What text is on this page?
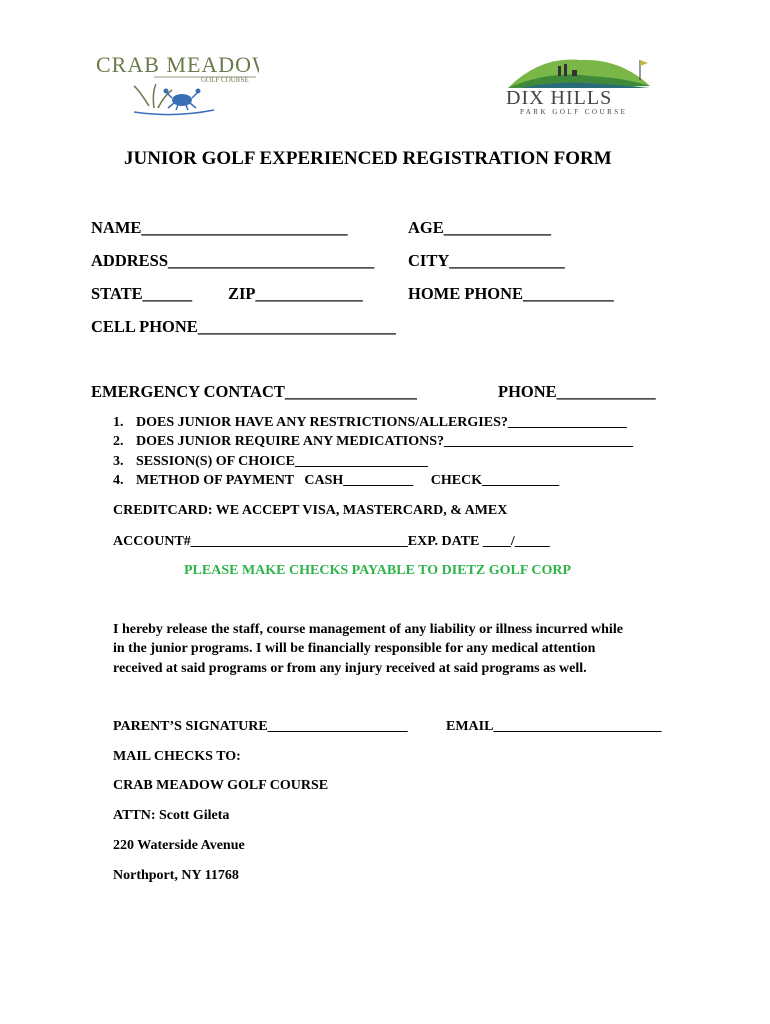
CRAB MEADOW
GOLF COURSE
DIX HILLS
PARK GOLF COURSE
JUNIOR GOLF EXPERIENCED REGISTRATION FORM
NAME_________________________	AGE_____________
ADDRESS_________________________ CITY______________
STATE______ ZIP_____________	HOME PHONE___________
CELL PHONE________________________
EMERGENCY CONTACT________________	PHONE____________
1. DOES JUNIOR HAVE ANY RESTRICTIONS/ALLERGIES?_________________
2. DOES JUNIOR REQUIRE ANY MEDICATIONS?___________________________
3. SESSION(S) OF CHOICE___________________
4. METHOD OF PAYMENT   CASH__________     CHECK___________
CREDITCARD: WE ACCEPT VISA, MASTERCARD, & AMEX
ACCOUNT#_______________________________EXP. DATE ____/_____
PLEASE MAKE CHECKS PAYABLE TO DIETZ GOLF CORP
I hereby release the staff, course management of any liability or illness incurred while
in the junior programs. I will be financially responsible for any medical attention
received at said programs or from any injury received at said programs as well.
PARENT’S SIGNATURE____________________	EMAIL________________________
MAIL CHECKS TO:
CRAB MEADOW GOLF COURSE
ATTN: Scott Gileta
220 Waterside Avenue
Northport, NY 11768
